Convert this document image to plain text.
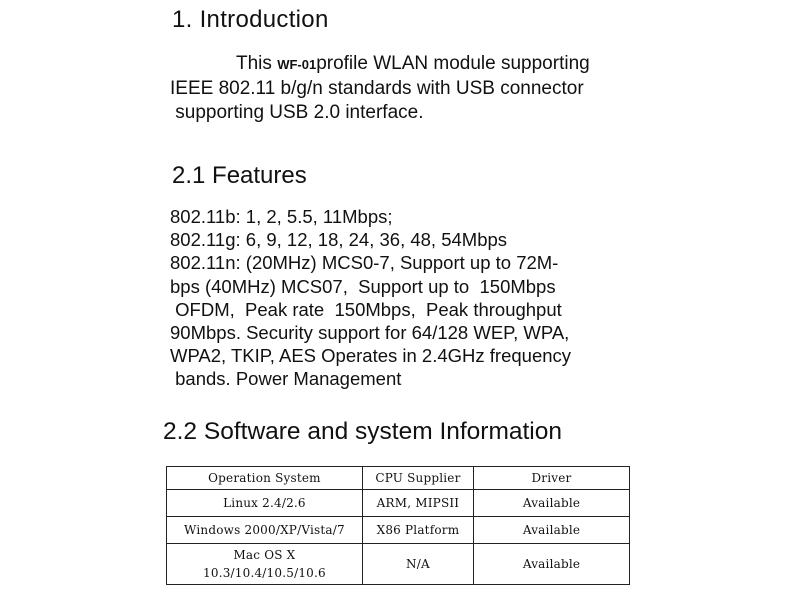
1. Introduction
This WF-01profile WLAN module supporting
IEEE 802.11 b/g/n standards with USB connector
supporting USB 2.0 interface.
2.1 Features
802.11b: 1, 2, 5.5, 11Mbps;
802.11g: 6, 9, 12, 18, 24, 36, 48, 54Mbps
802.11n: (20MHz) MCS0-7, Support up to 72M-
bps (40MHz) MCS07,  Support up to  150Mbps
OFDM,  Peak rate  150Mbps,  Peak throughput
90Mbps. Security support for 64/128 WEP, WPA,
WPA2, TKIP, AES Operates in 2.4GHz frequency
bands. Power Management
2.2 Software and system Information
Operation System	CPU Supplier	Driver
Linux 2.4/2.6	ARM, MIPSII	Available
Windows 2000/XP/Vista/7	X86 Platform	Available

Mac OS X
10.3/10.4/10.5/10.6	N/A	Available
